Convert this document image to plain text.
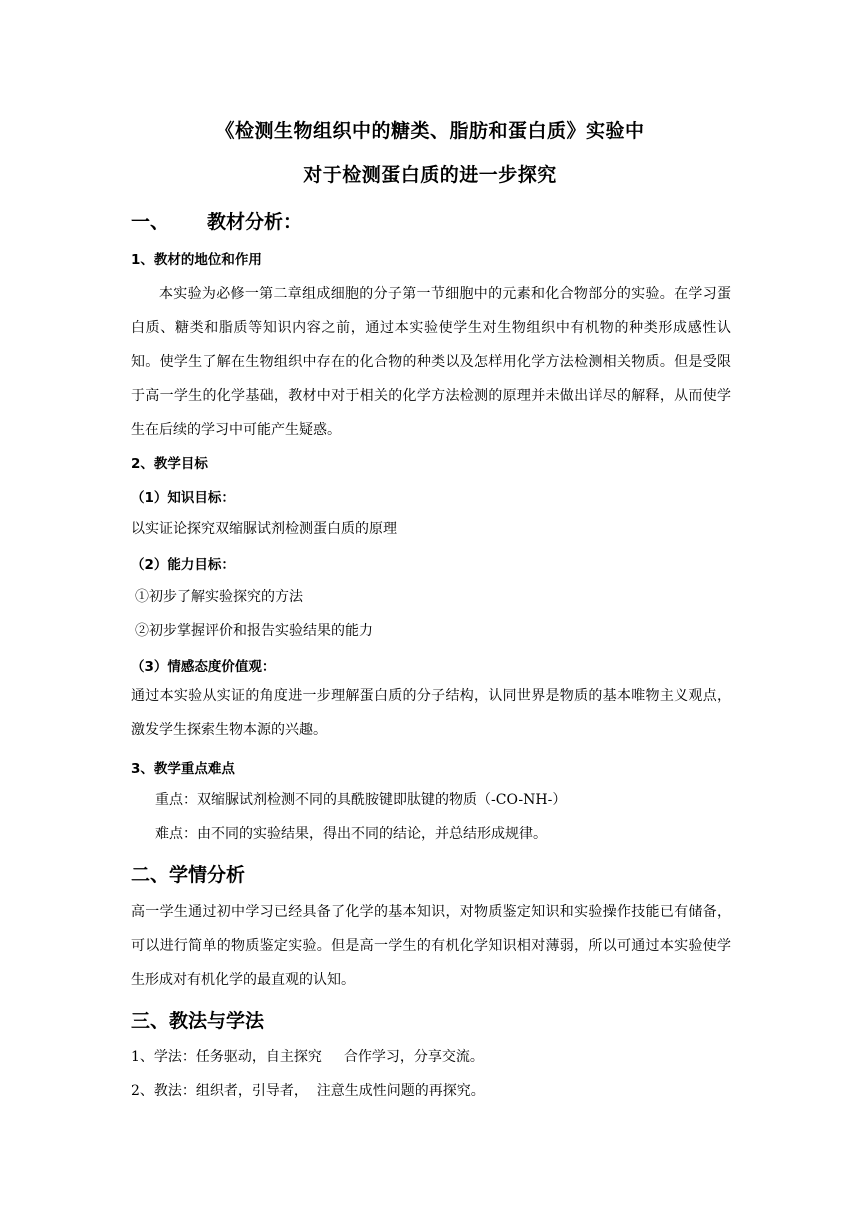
《检测生物组织中的糖类、脂肪和蛋白质》实验中
对于检测蛋白质的进一步探究
一、 教材分析：
1、教材的地位和作用
本实验为必修一第二章组成细胞的分子第一节细胞中的元素和化合物部分的实验。在学习蛋白质、糖类和脂质等知识内容之前，通过本实验使学生对生物组织中有机物的种类形成感性认知。使学生了解在生物组织中存在的化合物的种类以及怎样用化学方法检测相关物质。但是受限于高一学生的化学基础，教材中对于相关的化学方法检测的原理并未做出详尽的解释，从而使学生在后续的学习中可能产生疑惑。
2、教学目标
（1）知识目标：
以实证论探究双缩脲试剂检测蛋白质的原理
（2）能力目标：
①初步了解实验探究的方法
②初步掌握评价和报告实验结果的能力
（3）情感态度价值观：
通过本实验从实证的角度进一步理解蛋白质的分子结构，认同世界是物质的基本唯物主义观点，激发学生探索生物本源的兴趣。
3、教学重点难点
重点：双缩脲试剂检测不同的具酰胺键即肽键的物质（-CO-NH-）
难点：由不同的实验结果，得出不同的结论，并总结形成规律。
二、学情分析
高一学生通过初中学习已经具备了化学的基本知识，对物质鉴定知识和实验操作技能已有储备，可以进行简单的物质鉴定实验。但是高一学生的有机化学知识相对薄弱，所以可通过本实验使学生形成对有机化学的最直观的认知。
三、教法与学法
1、学法：任务驱动，自主探究 合作学习，分享交流。
2、教法：组织者，引导者，  注意生成性问题的再探究。
